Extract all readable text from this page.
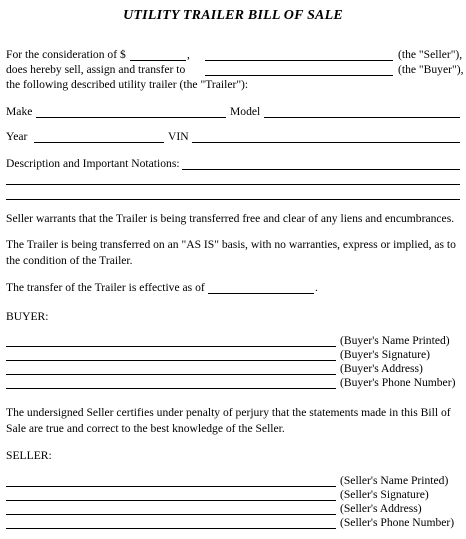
UTILITY TRAILER BILL OF SALE
For the consideration of $	,	(the "Seller"),
does hereby sell, assign and transfer to	(the "Buyer"),
the following described utility trailer (the "Trailer"):
Make	Model
Year	VIN
Description and Important Notations:
Seller warrants that the Trailer is being transferred free and clear of any liens and encumbrances.
The Trailer is being transferred on an "AS IS" basis, with no warranties, express or implied, as to the condition of the Trailer.
The transfer of the Trailer is effective as of	.
BUYER:
(Buyer's Name Printed)
(Buyer's Signature)
(Buyer's Address)
(Buyer's Phone Number)
The undersigned Seller certifies under penalty of perjury that the statements made in this Bill of Sale are true and correct to the best knowledge of the Seller.
SELLER:
(Seller's Name Printed)
(Seller's Signature)
(Seller's Address)
(Seller's Phone Number)
